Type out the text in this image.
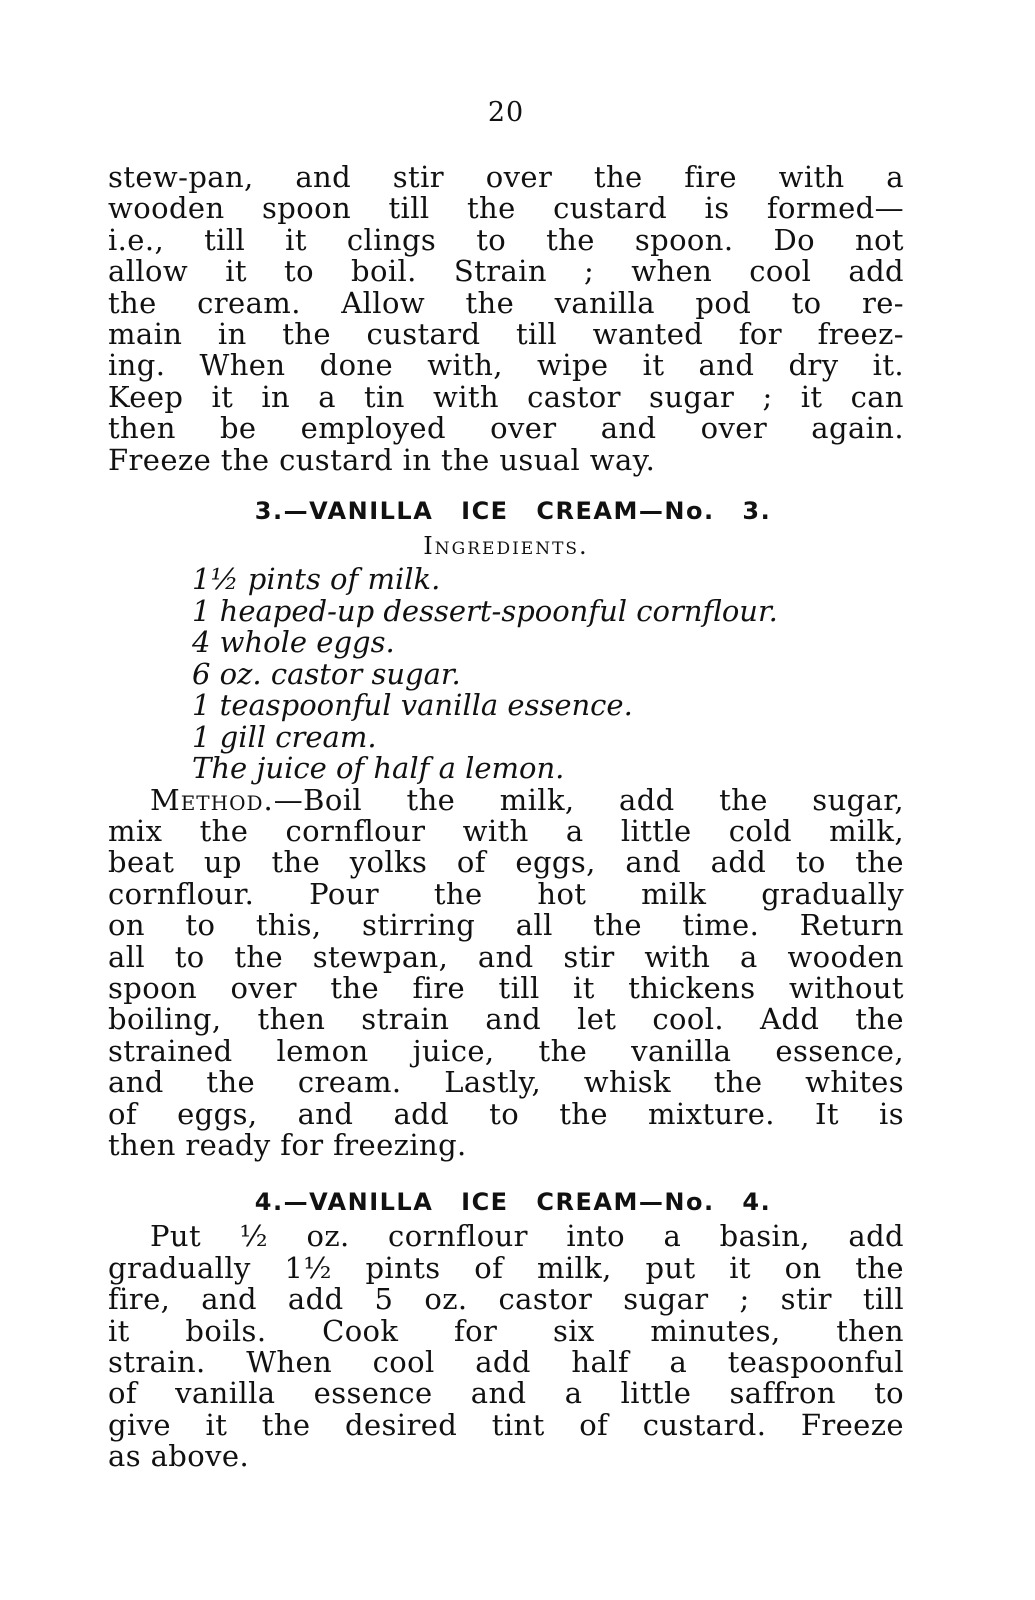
20
stew-pan, and stir over the fire with a
wooden spoon till the custard is formed—
i.e., till it clings to the spoon. Do not
allow it to boil. Strain ; when cool add
the cream. Allow the vanilla pod to re-
main in the custard till wanted for freez-
ing. When done with, wipe it and dry it.
Keep it in a tin with castor sugar ; it can
then be employed over and over again.
Freeze the custard in the usual way.
3.—VANILLA ICE CREAM—No. 3.
Ingredients.
1½ pints of milk.
1 heaped-up dessert-spoonful cornflour.
4 whole eggs.
6 oz. castor sugar.
1 teaspoonful vanilla essence.
1 gill cream.
The juice of half a lemon.
Method.—Boil the milk, add the sugar,
mix the cornflour with a little cold milk,
beat up the yolks of eggs, and add to the
cornflour. Pour the hot milk gradually
on to this, stirring all the time. Return
all to the stewpan, and stir with a wooden
spoon over the fire till it thickens without
boiling, then strain and let cool. Add the
strained lemon juice, the vanilla essence,
and the cream. Lastly, whisk the whites
of eggs, and add to the mixture. It is
then ready for freezing.
4.—VANILLA ICE CREAM—No. 4.
Put ½ oz. cornflour into a basin, add
gradually 1½ pints of milk, put it on the
fire, and add 5 oz. castor sugar ; stir till
it boils. Cook for six minutes, then
strain. When cool add half a teaspoonful
of vanilla essence and a little saffron to
give it the desired tint of custard. Freeze
as above.
